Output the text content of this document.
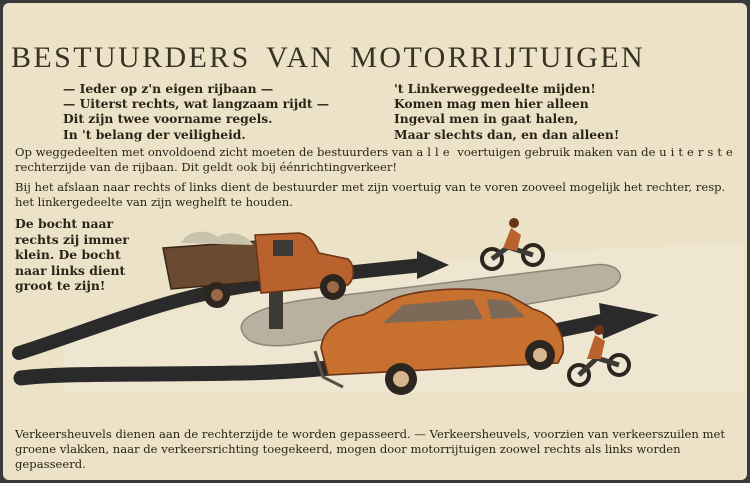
BESTUURDERS VAN MOTORRIJTUIGEN
— Ieder op z'n eigen rijbaan —
— Uiterst rechts, wat langzaam rijdt —
Dit zijn twee voorname regels.
In 't belang der veiligheid.
't Linkerweggedeelte mijden!
Komen mag men hier alleen
Ingeval men in gaat halen,
Maar slechts dan, en dan alleen!

Op weggedeelten met onvoldoend zicht moeten de bestuurders van alle voertuigen gebruik maken van de uiterste rechterzijde van de rijbaan. Dit geldt ook bij éénrichtingverkeer!

Bij het afslaan naar rechts of links dient de bestuurder met zijn voertuig van te voren zooveel mogelijk het rechter, resp. het linkergedeelte van zijn weghelft te houden.

De bocht naar rechts zij immer klein. De bocht naar links dient groot te zijn!

Verkeersheuvels dienen aan de rechterzijde te worden gepasseerd. — Verkeersheuvels, voorzien van verkeerszuilen met groene vlakken, naar de verkeersrichting toegekeerd, mogen door motorrijtuigen zoowel rechts als links worden gepasseerd.
